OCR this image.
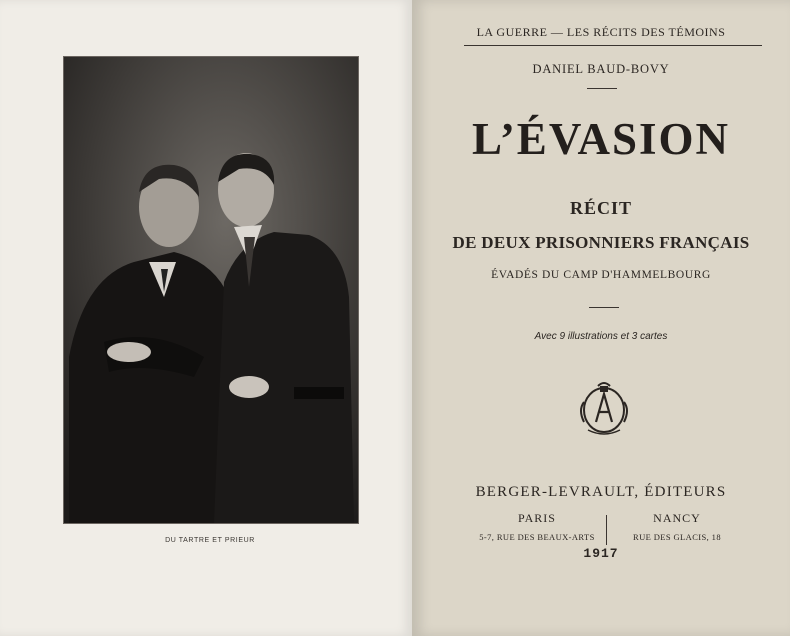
DU TARTRE ET PRIEUR
LA GUERRE — LES RÉCITS DES TÉMOINS
DANIEL BAUD-BOVY
L’ÉVASION
RÉCIT
DE DEUX PRISONNIERS FRANÇAIS
ÉVADÉS DU CAMP D'HAMMELBOURG
Avec 9 illustrations et 3 cartes
BERGER-LEVRAULT, ÉDITEURS
PARIS
5-7, RUE DES BEAUX-ARTS
NANCY
RUE DES GLACIS, 18
1917
